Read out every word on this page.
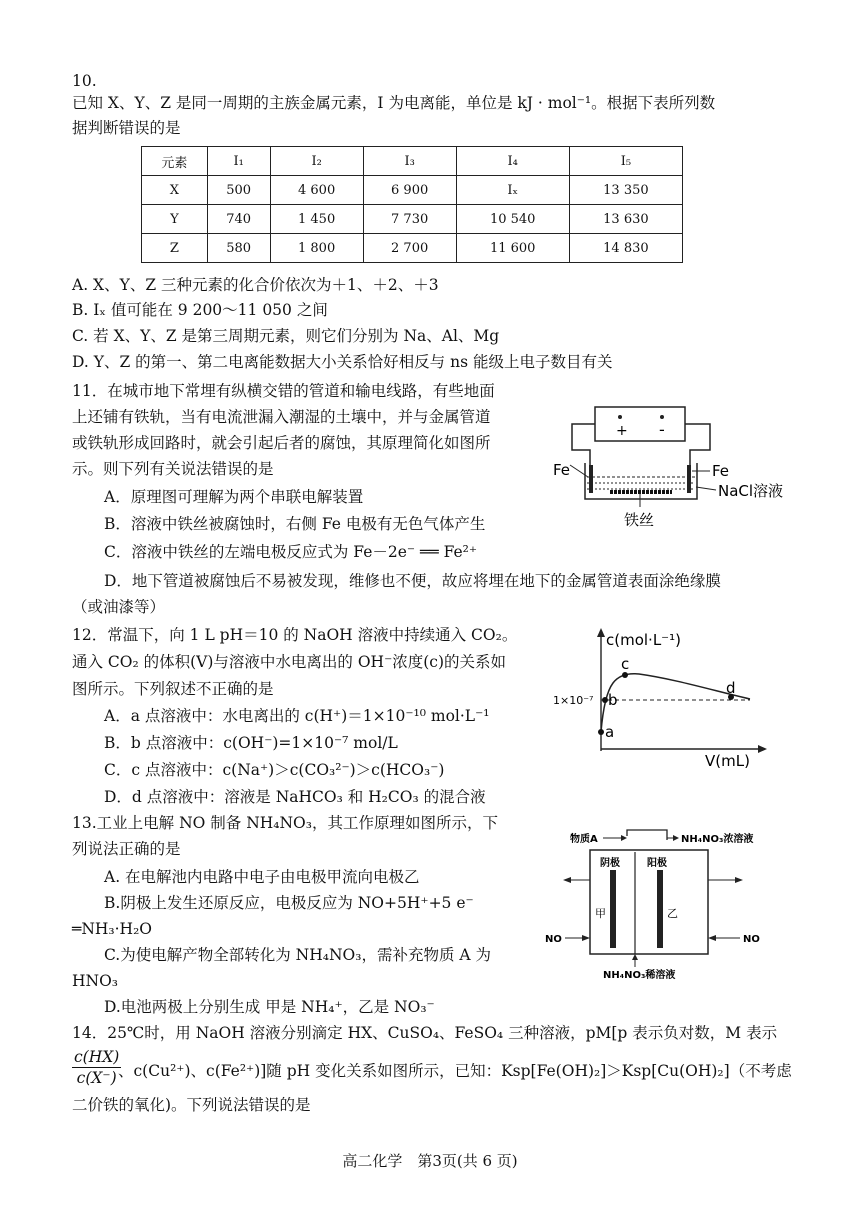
10.
已知 X、Y、Z 是同一周期的主族金属元素，I 为电离能，单位是 kJ · mol⁻¹。根据下表所列数
据判断错误的是
元素	I₁	I₂	I₃	I₄	I₅
X	500	4 600	6 900	Iₓ	13 350
Y	740	1 450	7 730	10 540	13 630
Z	580	1 800	2 700	11 600	14 830
A. X、Y、Z 三种元素的化合价依次为＋1、＋2、＋3
B. Iₓ 值可能在 9 200～11 050 之间
C. 若 X、Y、Z 是第三周期元素，则它们分别为 Na、Al、Mg
D. Y、Z 的第一、第二电离能数据大小关系恰好相反与 ns 能级上电子数目有关
11．在城市地下常埋有纵横交错的管道和输电线路，有些地面
上还铺有铁轨，当有电流泄漏入潮湿的土壤中，并与金属管道
或铁轨形成回路时，就会引起后者的腐蚀，其原理简化如图所
示。则下列有关说法错误的是
A．原理图可理解为两个串联电解装置
B．溶液中铁丝被腐蚀时，右侧 Fe 电极有无色气体产生
C．溶液中铁丝的左端电极反应式为 Fe－2e⁻ ══ Fe²⁺
D．地下管道被腐蚀后不易被发现，维修也不便，故应将埋在地下的金属管道表面涂绝缘膜
（或油漆等）
+ -
Fe	Fe
NaCl溶液
铁丝
12．常温下，向 1 L pH＝10 的 NaOH 溶液中持续通入 CO₂。
通入 CO₂ 的体积(V)与溶液中水电离出的 OH⁻浓度(c)的关系如
图所示。下列叙述不正确的是
A．a 点溶液中：水电离出的 c(H⁺)＝1×10⁻¹⁰ mol·L⁻¹
B．b 点溶液中：c(OH⁻)=1×10⁻⁷ mol/L
C．c 点溶液中：c(Na⁺)＞c(CO₃²⁻)＞c(HCO₃⁻)
D．d 点溶液中：溶液是 NaHCO₃ 和 H₂CO₃ 的混合液
c(mol·L⁻¹)
V(mL)
1×10⁻⁷
a
b
c
d
13.工业上电解 NO 制备 NH₄NO₃，其工作原理如图所示，下
列说法正确的是
A. 在电解池内电路中电子由电极甲流向电极乙
B.阴极上发生还原反应，电极反应为 NO+5H⁺+5 e⁻
═NH₃·H₂O
C.为使电解产物全部转化为 NH₄NO₃，需补充物质 A 为
HNO₃
D.电池两极上分别生成 甲是 NH₄⁺，乙是 NO₃⁻
物质A	NH₄NO₃浓溶液
阴极	阳极
甲	乙
NO	NO
NH₄NO₃稀溶液
14．25℃时，用 NaOH 溶液分别滴定 HX、CuSO₄、FeSO₄ 三种溶液，pM[p 表示负对数，M 表示
$\frac{c(HX)}{c(X^-)}$
、c(Cu²⁺)、c(Fe²⁺)]随 pH 变化关系如图所示，已知：Ksp[Fe(OH)₂]＞Ksp[Cu(OH)₂]（不考虑
二价铁的氧化)。下列说法错误的是
高二化学　第3页(共 6 页)
